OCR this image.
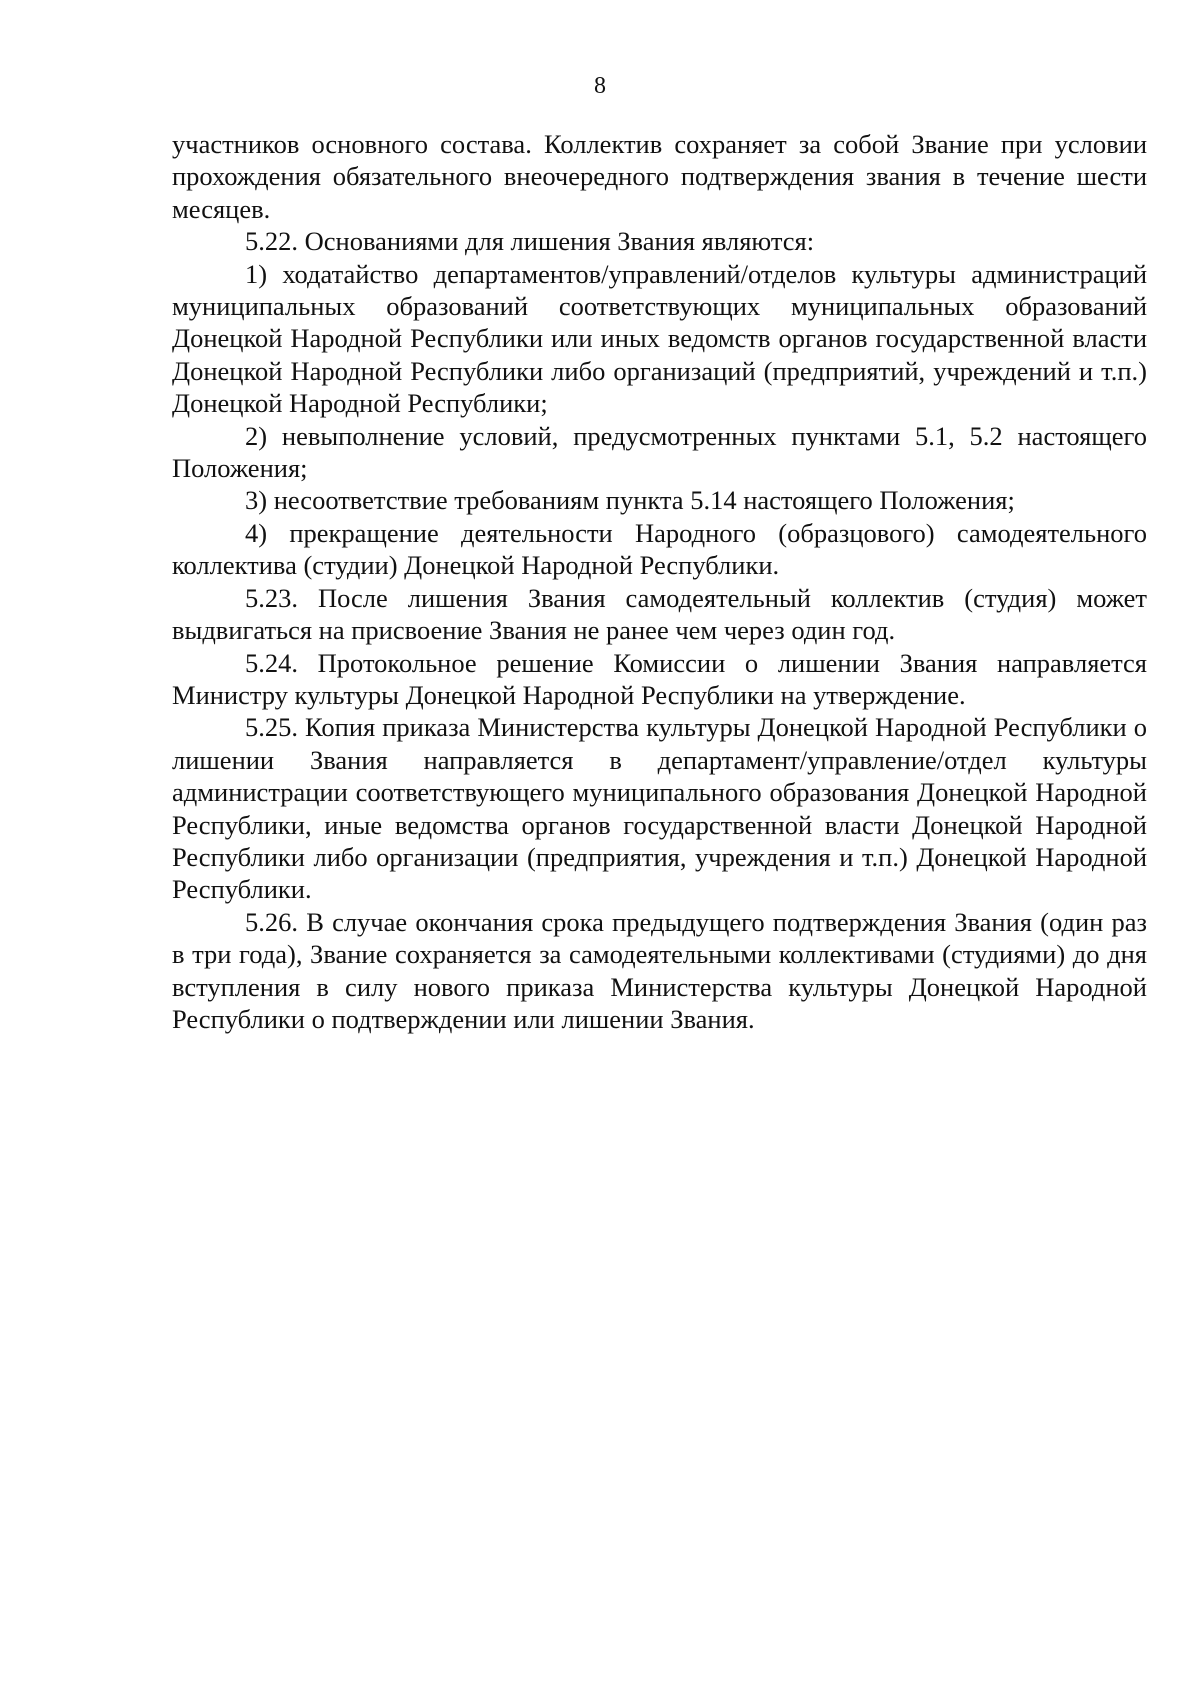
8

участников основного состава. Коллектив сохраняет за собой Звание при условии прохождения обязательного внеочередного подтверждения звания в течение шести месяцев.

5.22. Основаниями для лишения Звания являются:

1) ходатайство департаментов/управлений/отделов культуры администраций муниципальных образований соответствующих муниципальных образований Донецкой Народной Республики или иных ведомств органов государственной власти Донецкой Народной Республики либо организаций (предприятий, учреждений и т.п.) Донецкой Народной Республики;

2) невыполнение условий, предусмотренных пунктами 5.1, 5.2 настоящего Положения;

3) несоответствие требованиям пункта 5.14 настоящего Положения;

4) прекращение деятельности Народного (образцового) самодеятельного коллектива (студии) Донецкой Народной Республики.

5.23. После лишения Звания самодеятельный коллектив (студия) может выдвигаться на присвоение Звания не ранее чем через один год.

5.24. Протокольное решение Комиссии о лишении Звания направляется Министру культуры Донецкой Народной Республики на утверждение.

5.25. Копия приказа Министерства культуры Донецкой Народной Республики о лишении Звания направляется в департамент/управление/отдел культуры администрации соответствующего муниципального образования Донецкой Народной Республики, иные ведомства органов государственной власти Донецкой Народной Республики либо организации (предприятия, учреждения и т.п.) Донецкой Народной Республики.

5.26. В случае окончания срока предыдущего подтверждения Звания (один раз в три года), Звание сохраняется за самодеятельными коллективами (студиями) до дня вступления в силу нового приказа Министерства культуры Донецкой Народной Республики о подтверждении или лишении Звания.
